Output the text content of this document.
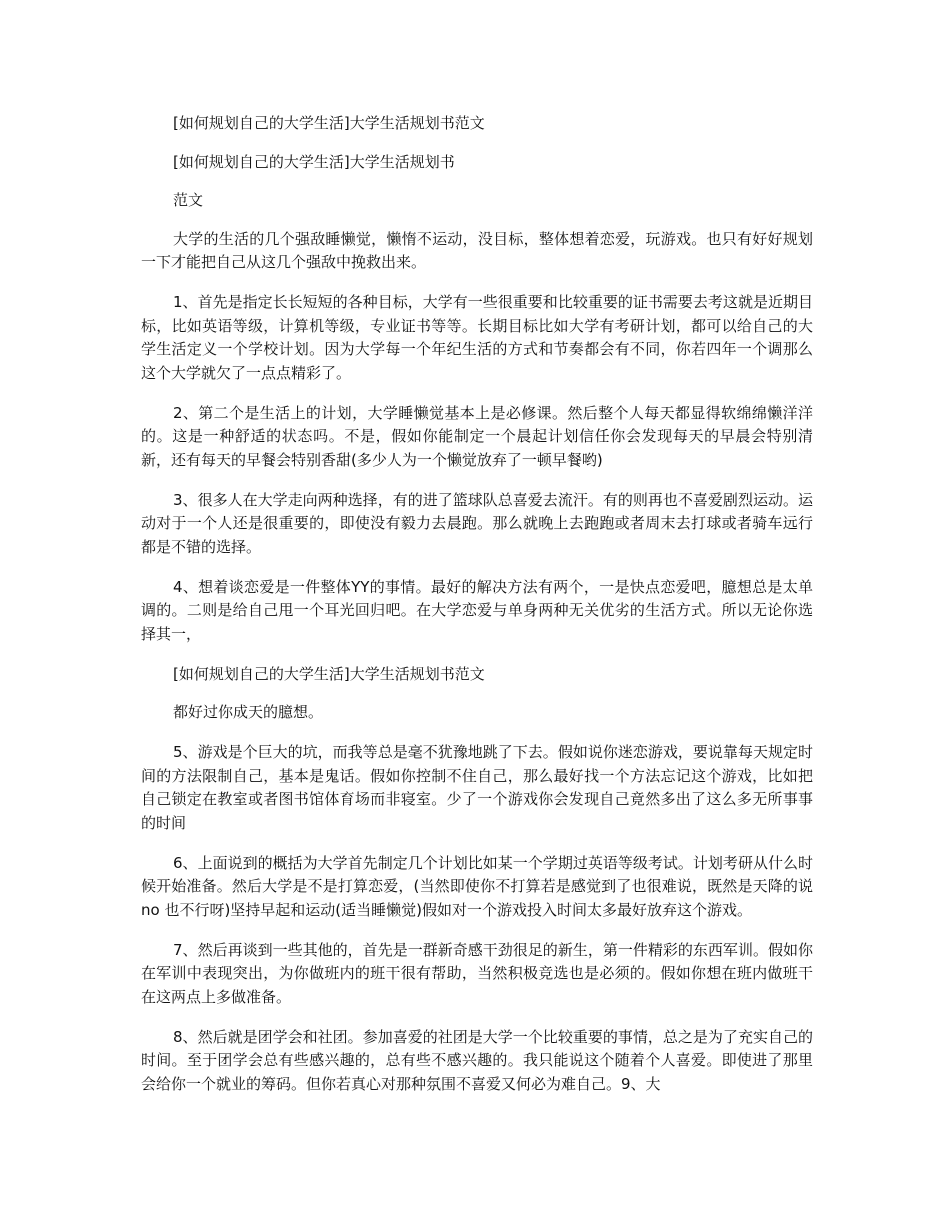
[如何规划自己的大学生活]大学生活规划书范文

[如何规划自己的大学生活]大学生活规划书

范文

大学的生活的几个强敌睡懒觉，懒惰不运动，没目标，整体想着恋爱，玩游戏。也只有好好规划一下才能把自己从这几个强敌中挽救出来。

1、首先是指定长长短短的各种目标，大学有一些很重要和比较重要的证书需要去考这就是近期目标，比如英语等级，计算机等级，专业证书等等。长期目标比如大学有考研计划，都可以给自己的大学生活定义一个学校计划。因为大学每一个年纪生活的方式和节奏都会有不同，你若四年一个调那么这个大学就欠了一点点精彩了。

2、第二个是生活上的计划，大学睡懒觉基本上是必修课。然后整个人每天都显得软绵绵懒洋洋的。这是一种舒适的状态吗。不是，假如你能制定一个晨起计划信任你会发现每天的早晨会特别清新，还有每天的早餐会特别香甜(多少人为一个懒觉放弃了一顿早餐哟)

3、很多人在大学走向两种选择，有的进了篮球队总喜爱去流汗。有的则再也不喜爱剧烈运动。运动对于一个人还是很重要的，即使没有毅力去晨跑。那么就晚上去跑跑或者周末去打球或者骑车远行都是不错的选择。

4、想着谈恋爱是一件整体YY的事情。最好的解决方法有两个，一是快点恋爱吧，臆想总是太单调的。二则是给自己甩一个耳光回归吧。在大学恋爱与单身两种无关优劣的生活方式。所以无论你选择其一，

[如何规划自己的大学生活]大学生活规划书范文

都好过你成天的臆想。

5、游戏是个巨大的坑，而我等总是毫不犹豫地跳了下去。假如说你迷恋游戏，要说靠每天规定时间的方法限制自己，基本是鬼话。假如你控制不住自己，那么最好找一个方法忘记这个游戏，比如把自己锁定在教室或者图书馆体育场而非寝室。少了一个游戏你会发现自己竟然多出了这么多无所事事的时间

6、上面说到的概括为大学首先制定几个计划比如某一个学期过英语等级考试。计划考研从什么时候开始准备。然后大学是不是打算恋爱，(当然即使你不打算若是感觉到了也很难说，既然是天降的说no 也不行呀)坚持早起和运动(适当睡懒觉)假如对一个游戏投入时间太多最好放弃这个游戏。

7、然后再谈到一些其他的，首先是一群新奇感干劲很足的新生，第一件精彩的东西军训。假如你在军训中表现突出，为你做班内的班干很有帮助，当然积极竞选也是必须的。假如你想在班内做班干在这两点上多做准备。

8、然后就是团学会和社团。参加喜爱的社团是大学一个比较重要的事情，总之是为了充实自己的时间。至于团学会总有些感兴趣的，总有些不感兴趣的。我只能说这个随着个人喜爱。即使进了那里会给你一个就业的筹码。但你若真心对那种氛围不喜爱又何必为难自己。9、大
